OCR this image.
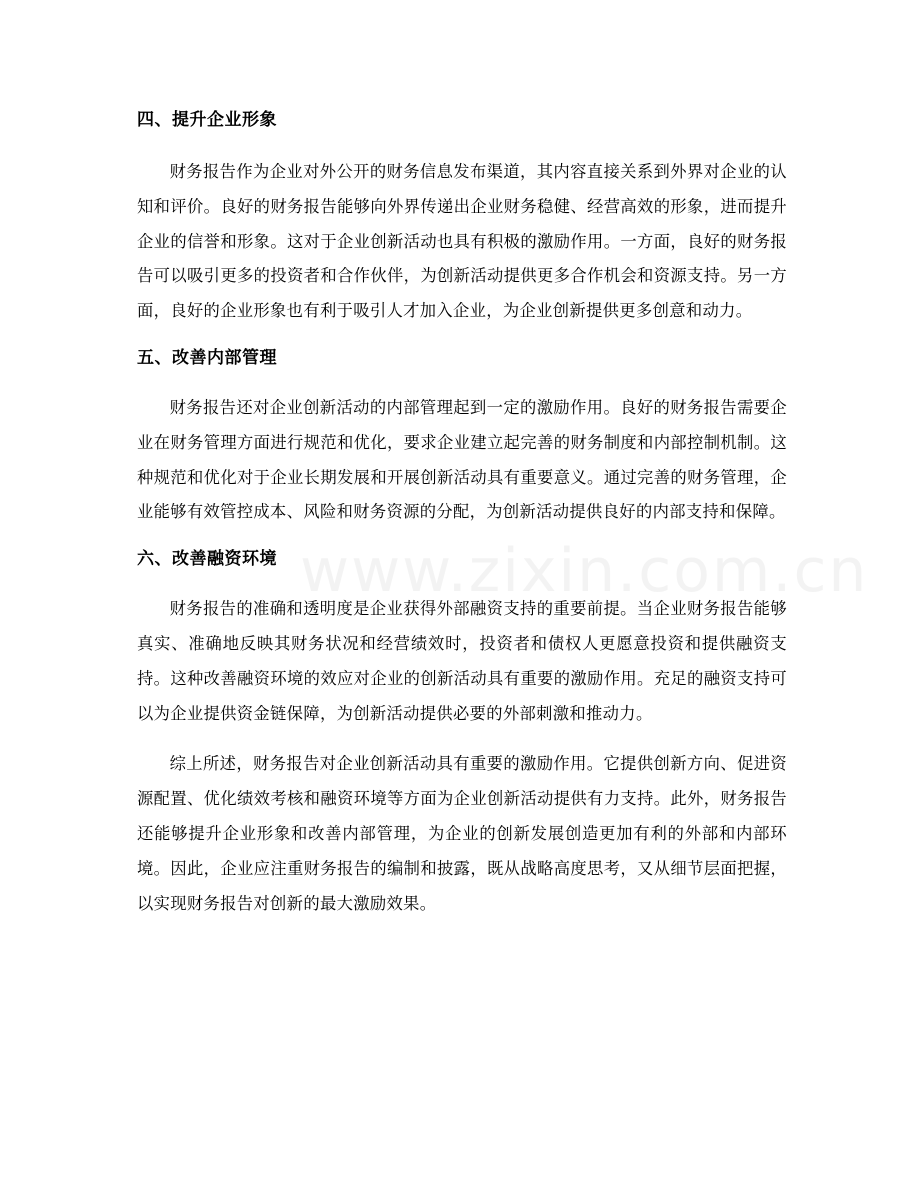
四、提升企业形象

财务报告作为企业对外公开的财务信息发布渠道，其内容直接关系到外界对企业的认知和评价。良好的财务报告能够向外界传递出企业财务稳健、经营高效的形象，进而提升企业的信誉和形象。这对于企业创新活动也具有积极的激励作用。一方面，良好的财务报告可以吸引更多的投资者和合作伙伴，为创新活动提供更多合作机会和资源支持。另一方面，良好的企业形象也有利于吸引人才加入企业，为企业创新提供更多创意和动力。

五、改善内部管理

财务报告还对企业创新活动的内部管理起到一定的激励作用。良好的财务报告需要企业在财务管理方面进行规范和优化，要求企业建立起完善的财务制度和内部控制机制。这种规范和优化对于企业长期发展和开展创新活动具有重要意义。通过完善的财务管理，企业能够有效管控成本、风险和财务资源的分配，为创新活动提供良好的内部支持和保障。

六、改善融资环境

财务报告的准确和透明度是企业获得外部融资支持的重要前提。当企业财务报告能够真实、准确地反映其财务状况和经营绩效时，投资者和债权人更愿意投资和提供融资支持。这种改善融资环境的效应对企业的创新活动具有重要的激励作用。充足的融资支持可以为企业提供资金链保障，为创新活动提供必要的外部刺激和推动力。

综上所述，财务报告对企业创新活动具有重要的激励作用。它提供创新方向、促进资源配置、优化绩效考核和融资环境等方面为企业创新活动提供有力支持。此外，财务报告还能够提升企业形象和改善内部管理，为企业的创新发展创造更加有利的外部和内部环境。因此，企业应注重财务报告的编制和披露，既从战略高度思考，又从细节层面把握，以实现财务报告对创新的最大激励效果。

www.zixin.com.cn
